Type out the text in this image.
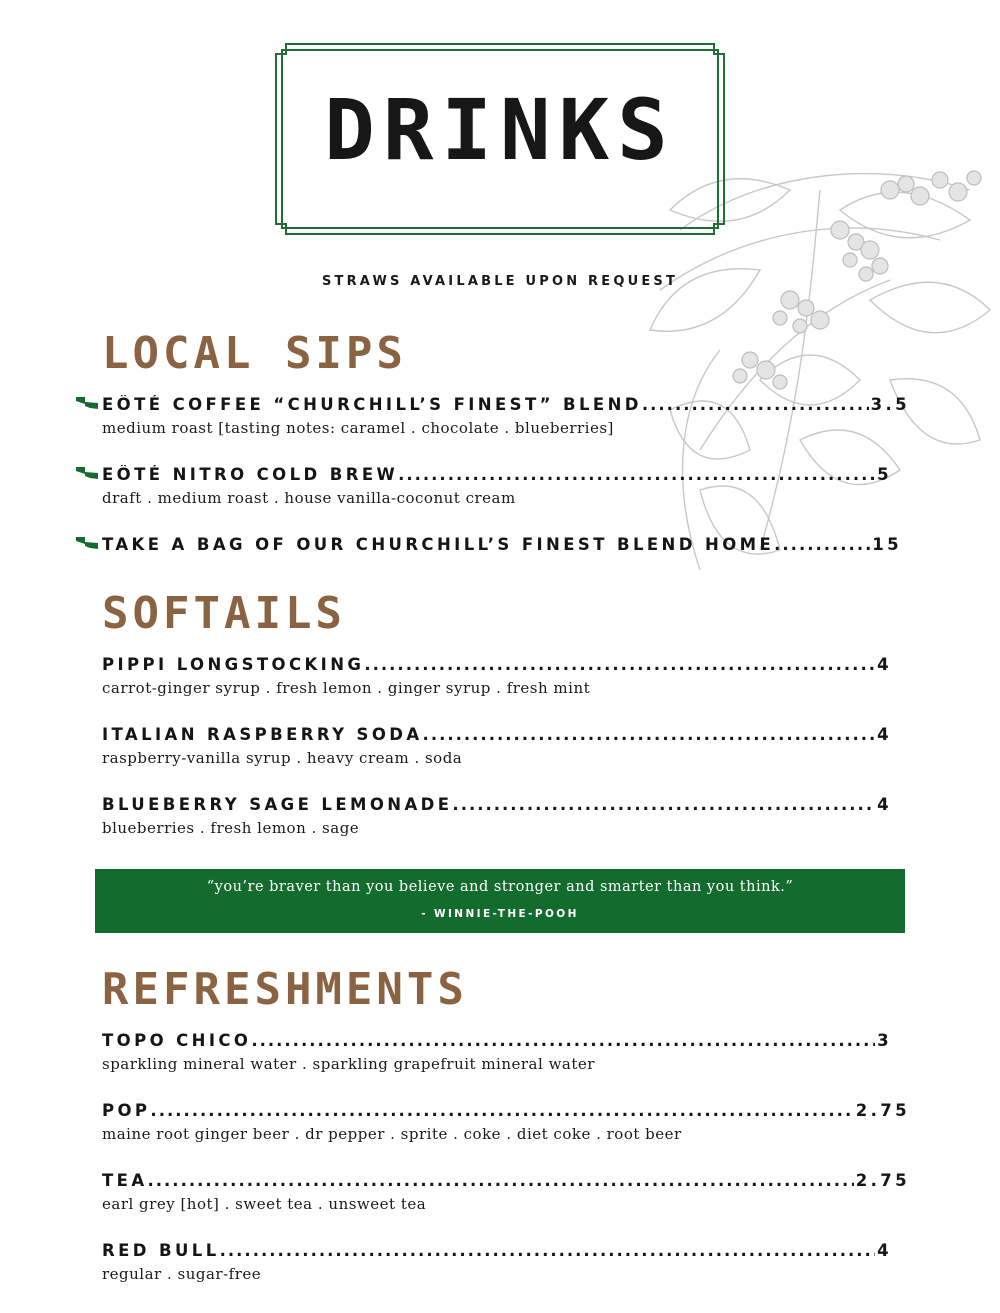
DRINKS
STRAWS AVAILABLE UPON REQUEST
LOCAL SIPS
EÔTÉ COFFEE “CHURCHILL’S FINEST” BLEND .....	3.5
medium roast [tasting notes: caramel . chocolate . blueberries]
EÔTÉ NITRO COLD BREW .....	5
draft . medium roast . house vanilla-coconut cream
TAKE A BAG OF OUR CHURCHILL’S FINEST BLEND HOME .....	15
SOFTAILS
PIPPI LONGSTOCKING .....	4
carrot-ginger syrup . fresh lemon . ginger syrup . fresh mint
ITALIAN RASPBERRY SODA .....	4
raspberry-vanilla syrup . heavy cream . soda
BLUEBERRY SAGE LEMONADE .....	4
blueberries . fresh lemon . sage
“you’re braver than you believe and stronger and smarter than you think.”
- WINNIE-THE-POOH
REFRESHMENTS
TOPO CHICO .....	3
sparkling mineral water . sparkling grapefruit mineral water
POP .....	2.75
maine root ginger beer . dr pepper . sprite . coke . diet coke . root beer
TEA .....	2.75
earl grey [hot] . sweet tea . unsweet tea
RED BULL .....	4
regular . sugar-free
